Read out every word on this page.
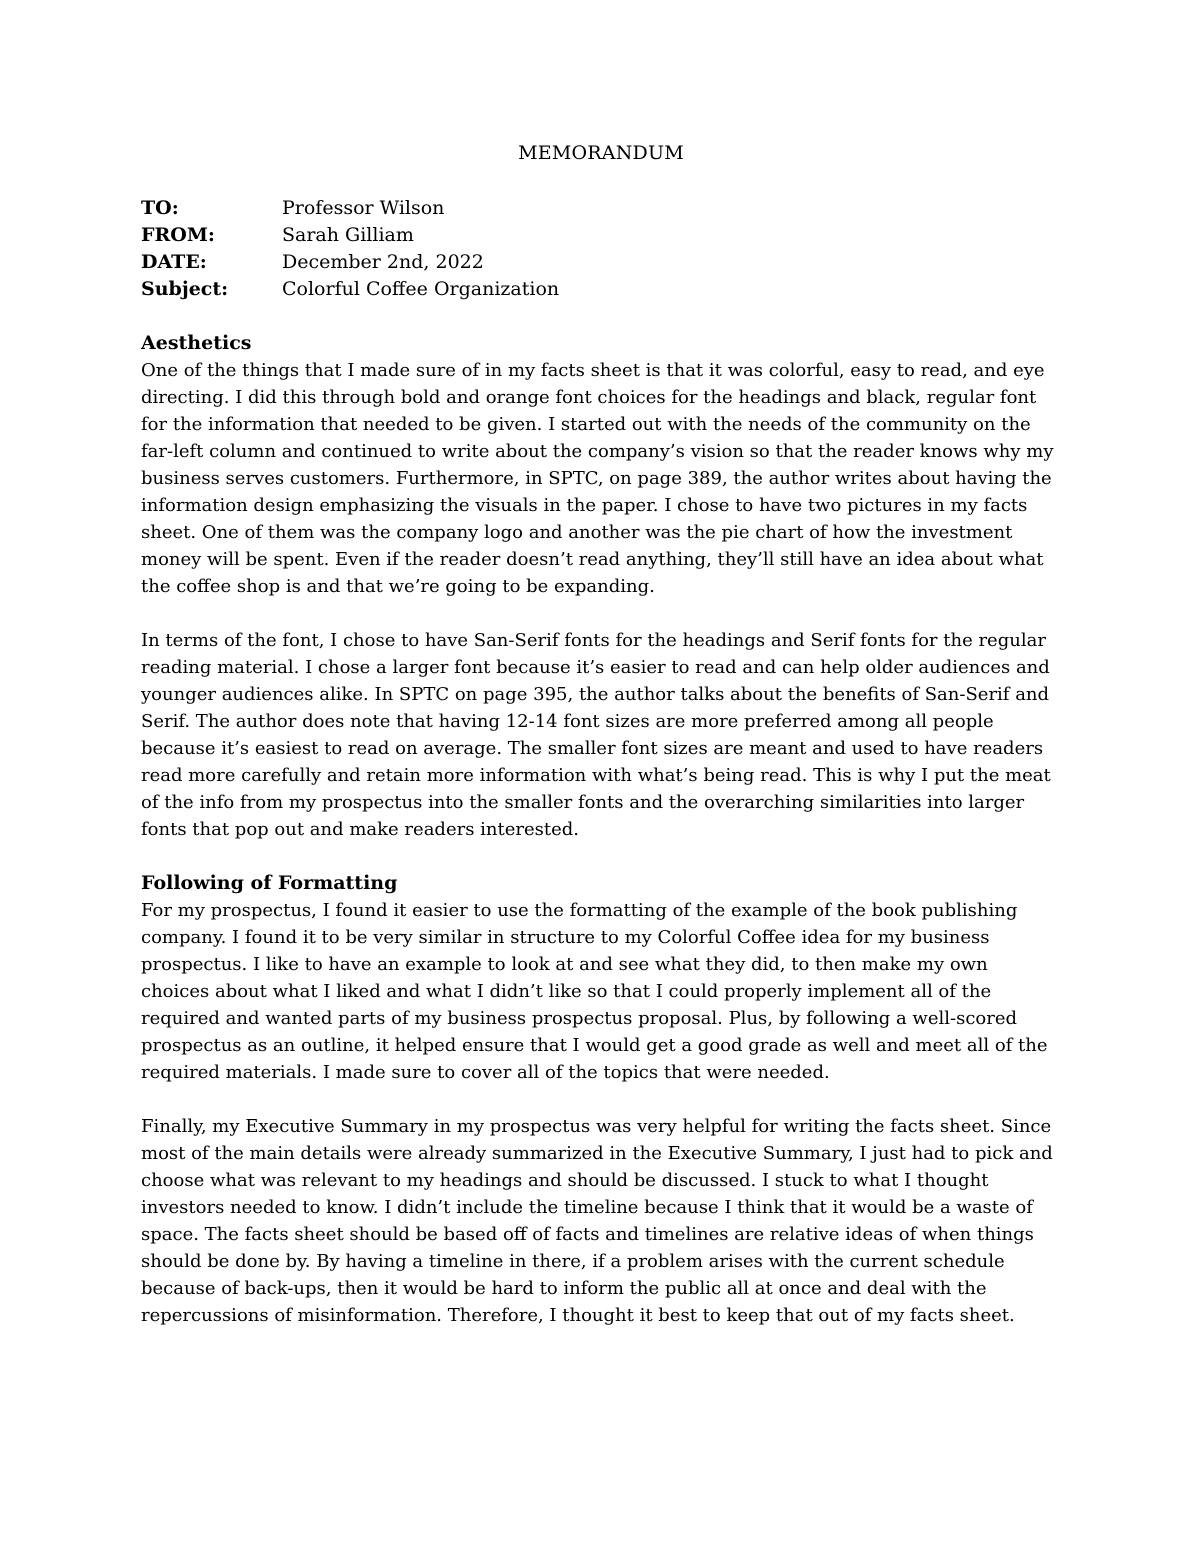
MEMORANDUM
TO:	Professor Wilson
FROM:	Sarah Gilliam
DATE:	December 2nd, 2022
Subject:	Colorful Coffee Organization
Aesthetics

One of the things that I made sure of in my facts sheet is that it was colorful, easy to read, and eye directing. I did this through bold and orange font choices for the headings and black, regular font for the information that needed to be given. I started out with the needs of the community on the far-left column and continued to write about the company’s vision so that the reader knows why my business serves customers. Furthermore, in SPTC, on page 389, the author writes about having the information design emphasizing the visuals in the paper. I chose to have two pictures in my facts sheet. One of them was the company logo and another was the pie chart of how the investment money will be spent. Even if the reader doesn’t read anything, they’ll still have an idea about what the coffee shop is and that we’re going to be expanding.

In terms of the font, I chose to have San-Serif fonts for the headings and Serif fonts for the regular reading material. I chose a larger font because it’s easier to read and can help older audiences and younger audiences alike. In SPTC on page 395, the author talks about the benefits of San-Serif and Serif. The author does note that having 12-14 font sizes are more preferred among all people because it’s easiest to read on average. The smaller font sizes are meant and used to have readers read more carefully and retain more information with what’s being read. This is why I put the meat of the info from my prospectus into the smaller fonts and the overarching similarities into larger fonts that pop out and make readers interested.

Following of Formatting

For my prospectus, I found it easier to use the formatting of the example of the book publishing company. I found it to be very similar in structure to my Colorful Coffee idea for my business prospectus. I like to have an example to look at and see what they did, to then make my own choices about what I liked and what I didn’t like so that I could properly implement all of the required and wanted parts of my business prospectus proposal. Plus, by following a well-scored prospectus as an outline, it helped ensure that I would get a good grade as well and meet all of the required materials. I made sure to cover all of the topics that were needed.

Finally, my Executive Summary in my prospectus was very helpful for writing the facts sheet. Since most of the main details were already summarized in the Executive Summary, I just had to pick and choose what was relevant to my headings and should be discussed. I stuck to what I thought investors needed to know. I didn’t include the timeline because I think that it would be a waste of space. The facts sheet should be based off of facts and timelines are relative ideas of when things should be done by. By having a timeline in there, if a problem arises with the current schedule because of back-ups, then it would be hard to inform the public all at once and deal with the repercussions of misinformation. Therefore, I thought it best to keep that out of my facts sheet.
